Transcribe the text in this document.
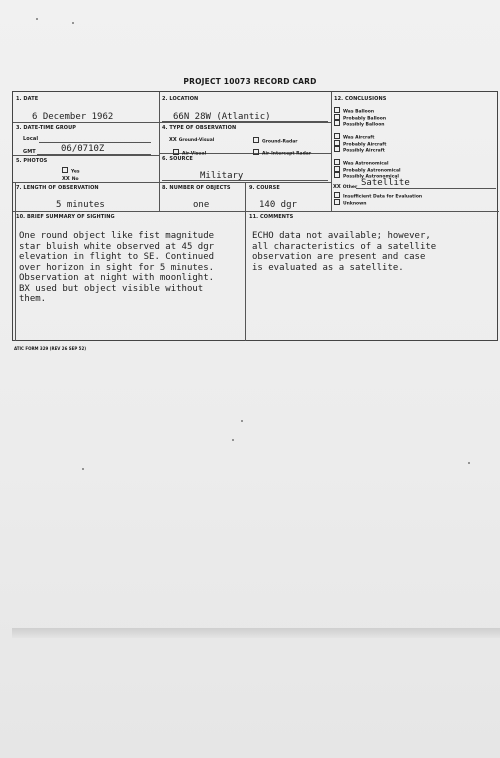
PROJECT 10073 RECORD CARD
1. DATE
6 December 1962
2. LOCATION
66N 28W (Atlantic)
3. DATE-TIME GROUP
Local
GMT	06/0710Z
4. TYPE OF OBSERVATION
XX Ground-Visual	Ground-Radar
Air-Visual	Air-Intercept Radar
5. PHOTOS
Yes
XX No
6. SOURCE
Military
7. LENGTH OF OBSERVATION
5 minutes
8. NUMBER OF OBJECTS
one
9. COURSE
140 dgr
12. CONCLUSIONS
Was Balloon
Probably Balloon
Possibly Balloon
Was Aircraft
Probably Aircraft
Possibly Aircraft
Was Astronomical
Probably Astronomical
Possibly Astronomical
XX Other Satellite
Insufficient Data for Evaluation
Unknown
10. BRIEF SUMMARY OF SIGHTING
One round object like fist magnitude
star bluish white observed at 45 dgr
elevation in flight to SE. Continued
over horizon in sight for 5 minutes.
Observation at night with moonlight.
BX used but object visible without
them.
11. COMMENTS
ECHO data not available; however,
all characteristics of a satellite
observation are present and case
is evaluated as a satellite.
ATIC FORM 329 (REV 26 SEP 52)
